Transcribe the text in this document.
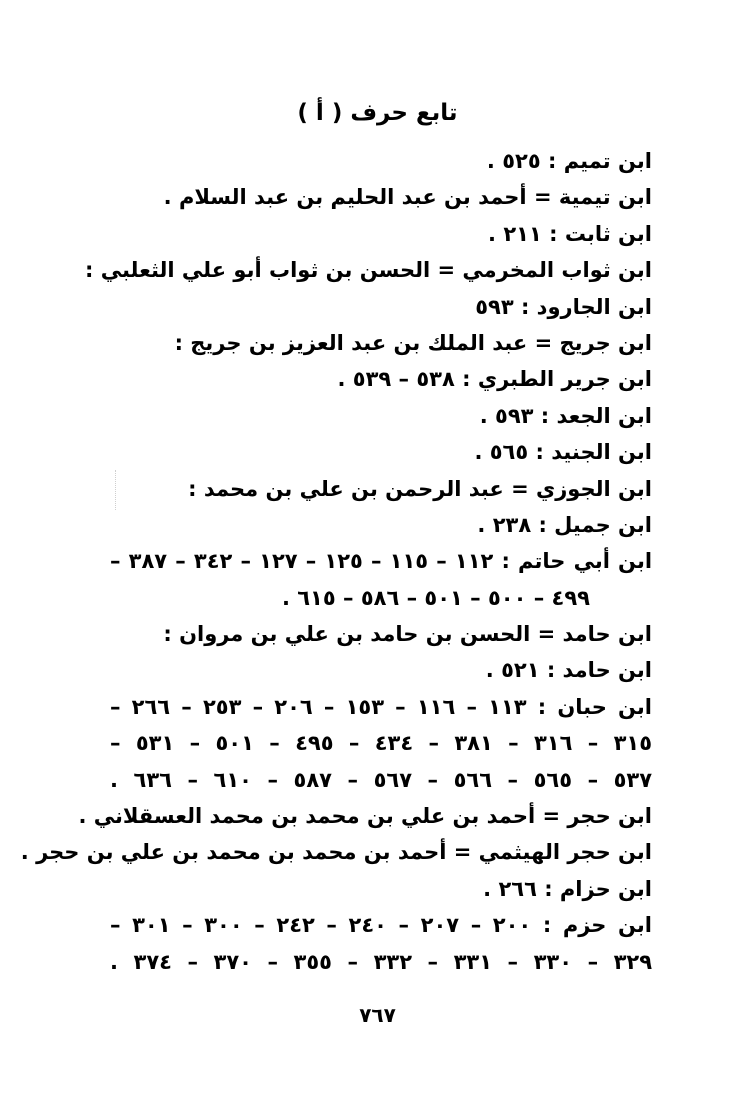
تابع حرف ( أ )
ابن تميم : ٥٢٥ .
ابن تيمية = أحمد بن عبد الحليم بن عبد السلام .
ابن ثابت : ٢١١ .
ابن ثواب المخرمي = الحسن بن ثواب أبو علي الثعلبي :
ابن الجارود : ٥٩٣
ابن جريج = عبد الملك بن عبد العزيز بن جريج :
ابن جرير الطبري : ٥٣٨ – ٥٣٩ .
ابن الجعد : ٥٩٣ .
ابن الجنيد : ٥٦٥ .
ابن الجوزي = عبد الرحمن بن علي بن محمد :
ابن جميل : ٢٣٨ .
ابن أبي حاتم : ١١٢ – ١١٥ – ١٢٥ – ١٢٧ – ٣٤٢ – ٣٨٧ –
٤٩٩ – ٥٠٠ – ٥٠١ – ٥٨٦ – ٦١٥ .
ابن حامد = الحسن بن حامد بن علي بن مروان :
ابن حامد : ٥٢١ .
ابن حبان : ١١٣ – ١١٦ – ١٥٣ – ٢٠٦ – ٢٥٣ – ٢٦٦ –
٣١٥ – ٣١٦ – ٣٨١ – ٤٣٤ – ٤٩٥ – ٥٠١ – ٥٣١ –
٥٣٧ – ٥٦٥ – ٥٦٦ – ٥٦٧ – ٥٨٧ – ٦١٠ – ٦٣٦ .
ابن حجر = أحمد بن علي بن محمد بن محمد العسقلاني .
ابن حجر الهيثمي = أحمد بن محمد بن محمد بن علي بن حجر .
ابن حزام : ٢٦٦ .
ابن حزم : ٢٠٠ – ٢٠٧ – ٢٤٠ – ٢٤٢ – ٣٠٠ – ٣٠١ –
٣٢٩ – ٣٣٠ – ٣٣١ – ٣٣٢ – ٣٥٥ – ٣٧٠ – ٣٧٤ .
٧٦٧
